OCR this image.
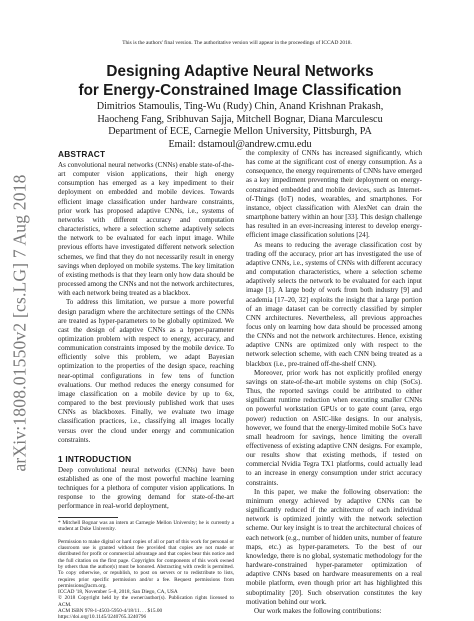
This is the authors' final version. The authoritative version will appear in the proceedings of ICCAD 2018.
arXiv:1808.01550v2 [cs.LG] 7 Aug 2018
Designing Adaptive Neural Networks
for Energy-Constrained Image Classification
Dimitrios Stamoulis, Ting-Wu (Rudy) Chin, Anand Krishnan Prakash,
Haocheng Fang, Sribhuvan Sajja, Mitchell Bognar, Diana Marculescu
Department of ECE, Carnegie Mellon University, Pittsburgh, PA
Email: dstamoul@andrew.cmu.edu
ABSTRACT

As convolutional neural networks (CNNs) enable state-of-the-art computer vision applications, their high energy consumption has emerged as a key impediment to their deployment on embedded and mobile devices. Towards efficient image classification under hardware constraints, prior work has proposed adaptive CNNs, i.e., systems of networks with different accuracy and computation characteristics, where a selection scheme adaptively selects the network to be evaluated for each input image. While previous efforts have investigated different network selection schemes, we find that they do not necessarily result in energy savings when deployed on mobile systems. The key limitation of existing methods is that they learn only how data should be processed among the CNNs and not the network architectures, with each network being treated as a blackbox.

To address this limitation, we pursue a more powerful design paradigm where the architecture settings of the CNNs are treated as hyper-parameters to be globally optimized. We cast the design of adaptive CNNs as a hyper-parameter optimization problem with respect to energy, accuracy, and communication constraints imposed by the mobile device. To efficiently solve this problem, we adapt Bayesian optimization to the properties of the design space, reaching near-optimal configurations in few tens of function evaluations. Our method reduces the energy consumed for image classification on a mobile device by up to 6x, compared to the best previously published work that uses CNNs as blackboxes. Finally, we evaluate two image classification practices, i.e., classifying all images locally versus over the cloud under energy and communication constraints.

1 INTRODUCTION

Deep convolutional neural networks (CNNs) have been established as one of the most powerful machine learning techniques for a plethora of computer vision applications. In response to the growing demand for state-of-the-art performance in real-world deployment,

* Mitchell Bognar was an intern at Carnegie Mellon University; he is currently a student at Duke University.
Permission to make digital or hard copies of all or part of this work for personal or classroom use is granted without fee provided that copies are not made or distributed for profit or commercial advantage and that copies bear this notice and the full citation on the first page. Copyrights for components of this work owned by others than the author(s) must be honored. Abstracting with credit is permitted. To copy otherwise, or republish, to post on servers or to redistribute to lists, requires prior specific permission and/or a fee. Request permissions from permissions@acm.org.
ICCAD '18, November 5–8, 2018, San Diego, CA, USA
© 2018 Copyright held by the owner/author(s). Publication rights licensed to ACM.
ACM ISBN 978-1-4503-5950-4/18/11. . . $15.00
https://doi.org/10.1145/3240765.3240796

the complexity of CNNs has increased significantly, which has come at the significant cost of energy consumption. As a consequence, the energy requirements of CNNs have emerged as a key impediment preventing their deployment on energy-constrained embedded and mobile devices, such as Internet-of-Things (IoT) nodes, wearables, and smartphones. For instance, object classification with AlexNet can drain the smartphone battery within an hour [33]. This design challenge has resulted in an ever-increasing interest to develop energy-efficient image classification solutions [24].

As means to reducing the average classification cost by trading off the accuracy, prior art has investigated the use of adaptive CNNs, i.e., systems of CNNs with different accuracy and computation characteristics, where a selection scheme adaptively selects the network to be evaluated for each input image [1]. A large body of work from both industry [9] and academia [17–20, 32] exploits the insight that a large portion of an image dataset can be correctly classified by simpler CNN architectures. Nevertheless, all previous approaches focus only on learning how data should be processed among the CNNs and not the network architectures. Hence, existing adaptive CNNs are optimized only with respect to the network selection scheme, with each CNN being treated as a blackbox (i.e., pre-trained off-the-shelf CNN).

Moreover, prior work has not explicitly profiled energy savings on state-of-the-art mobile systems on chip (SoCs). Thus, the reported savings could be attributed to either significant runtime reduction when executing smaller CNNs on powerful workstation GPUs or to gate count (area, ergo power) reduction on ASIC-like designs. In our analysis, however, we found that the energy-limited mobile SoCs have small headroom for savings, hence limiting the overall effectiveness of existing adaptive CNN designs. For example, our results show that existing methods, if tested on commercial Nvidia Tegra TX1 platforms, could actually lead to an increase in energy consumption under strict accuracy constraints.

In this paper, we make the following observation: the minimum energy achieved by adaptive CNNs can be significantly reduced if the architecture of each individual network is optimized jointly with the network selection scheme. Our key insight is to treat the architectural choices of each network (e.g., number of hidden units, number of feature maps, etc.) as hyper-parameters. To the best of our knowledge, there is no global, systematic methodology for the hardware-constrained hyper-parameter optimization of adaptive CNNs based on hardware measurements on a real mobile platform, even though prior art has highlighted this suboptimality [20]. Such observation constitutes the key motivation behind our work.

Our work makes the following contributions:
